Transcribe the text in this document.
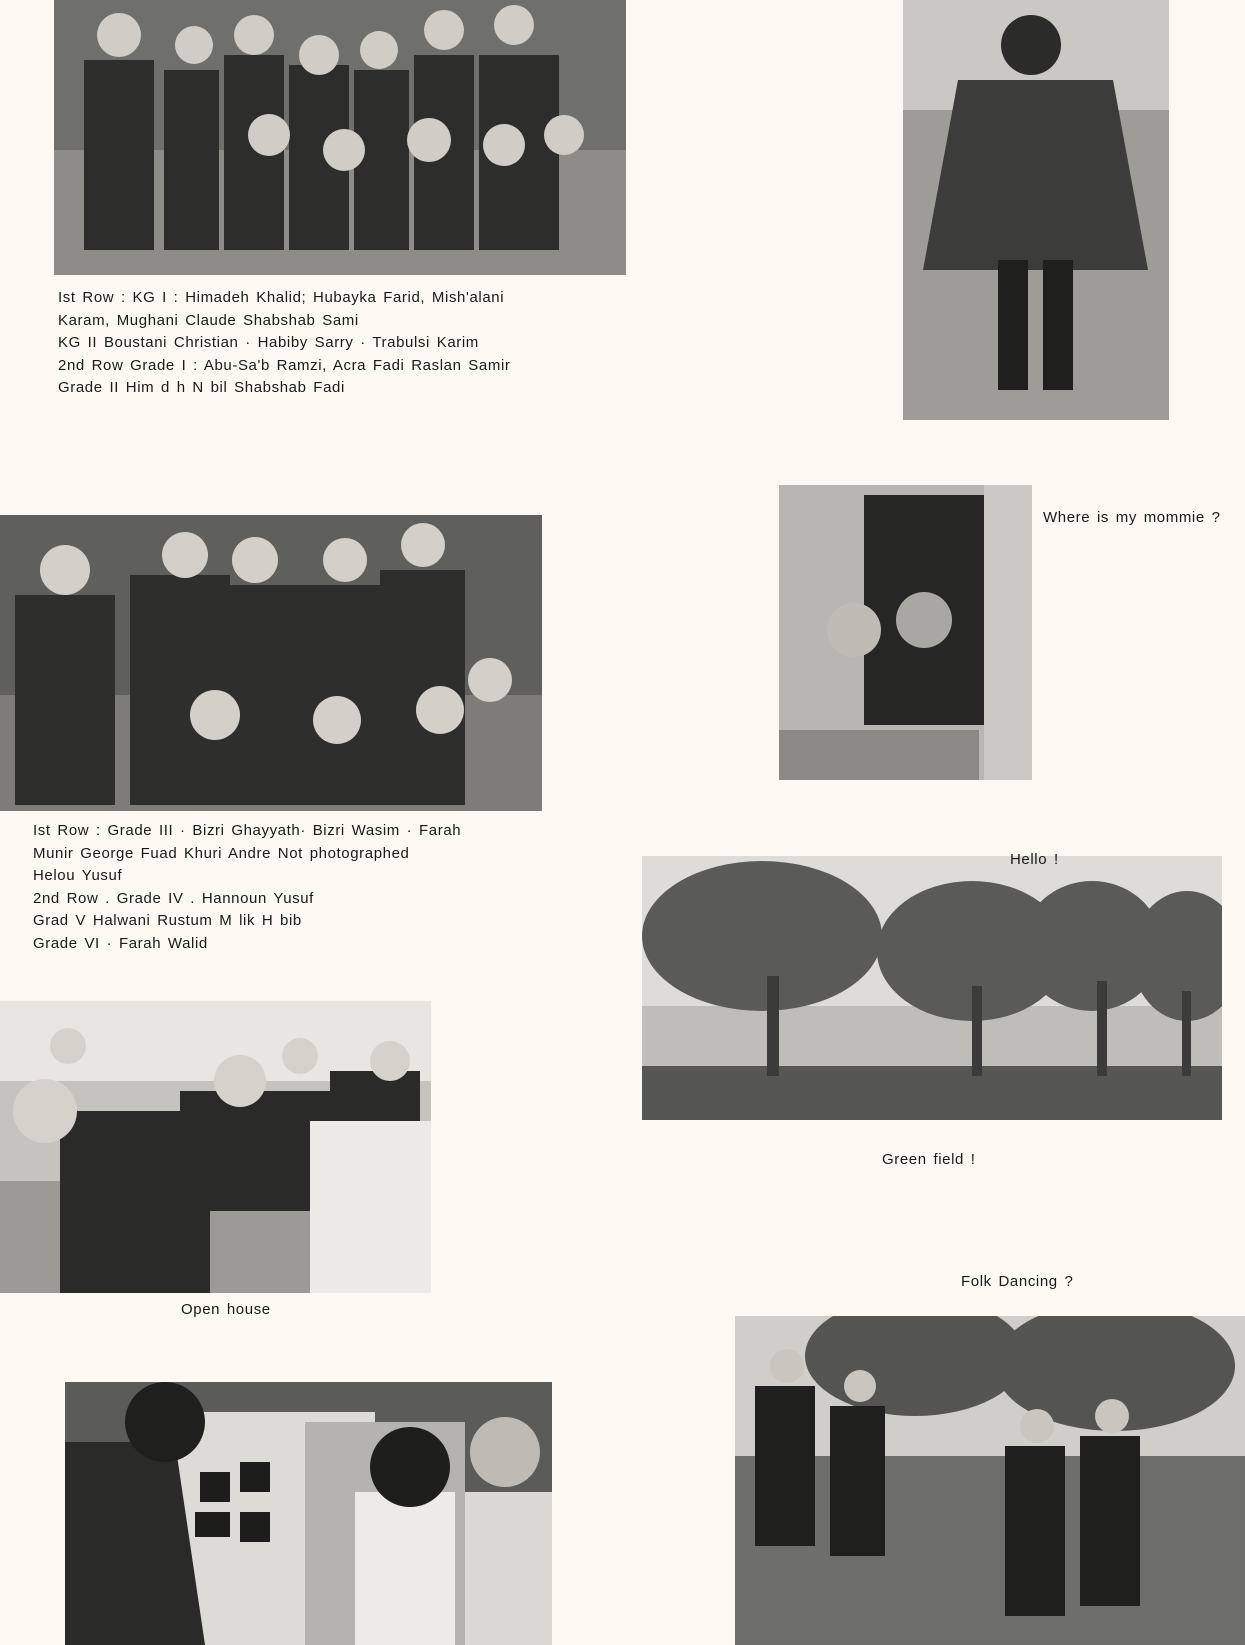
Ist Row : KG I : Himadeh Khalid; Hubayka Farid, Mish'alani
Karam, Mughani Claude Shabshab Sami
KG II Boustani Christian · Habiby Sarry · Trabulsi Karim
2nd Row Grade I : Abu-Sa'b Ramzi, Acra Fadi Raslan Samir
Grade II Him d h N bil Shabshab Fadi
Ist Row : Grade III · Bizri Ghayyath· Bizri Wasim · Farah
Munir George Fuad Khuri Andre Not photographed
Helou Yusuf
2nd Row . Grade IV . Hannoun Yusuf
Grad V Halwani Rustum M lik H bib
Grade VI · Farah Walid
Where is my mommie ?
Hello !
Green field !
Open house
Folk Dancing ?
